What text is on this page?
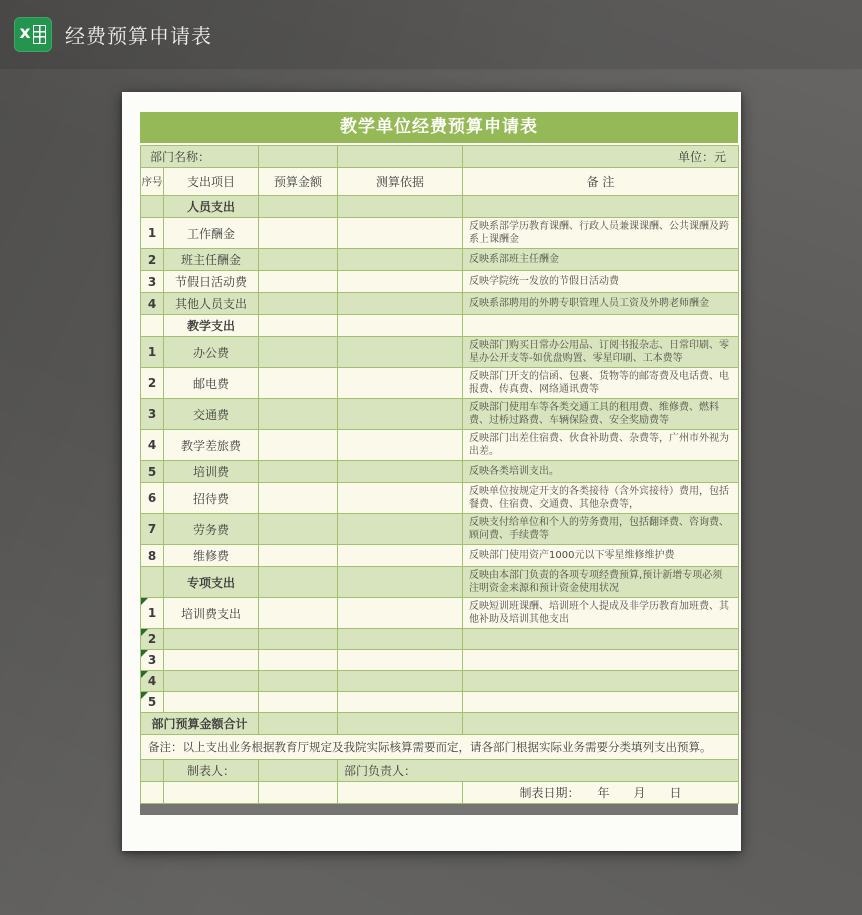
x 经费预算申请表
教学单位经费预算申请表
部门名称：				单位：元
序号	支出项目	预算金额	测算依据	备 注
	人员支出			
1	工作酬金			反映系部学历教育课酬、行政人员兼课课酬、公共课酬及跨系上课酬金
2	班主任酬金			反映系部班主任酬金
3	节假日活动费			反映学院统一发放的节假日活动费
4	其他人员支出			反映系部聘用的外聘专职管理人员工资及外聘老师酬金
	教学支出			
1	办公费			反映部门购买日常办公用品、订阅书报杂志、日常印刷、零星办公开支等-如优盘购置、零星印刷、工本费等
2	邮电费			反映部门开支的信函、包裹、货物等的邮寄费及电话费、电报费、传真费、网络通讯费等
3	交通费			反映部门使用车等各类交通工具的租用费、维修费、燃料费、过桥过路费、车辆保险费、安全奖励费等
4	教学差旅费			反映部门出差住宿费、伙食补助费、杂费等，广州市外视为出差。
5	培训费			反映各类培训支出。
6	招待费			反映单位按规定开支的各类接待（含外宾接待）费用，包括餐费、住宿费、交通费、其他杂费等，
7	劳务费			反映支付给单位和个人的劳务费用，包括翻译费、咨询费、顾问费、手续费等
8	维修费			反映部门使用资产1000元以下零星维修维护费
	专项支出			反映由本部门负责的各项专项经费预算,预计新增专项必须注明资金来源和预计资金使用状况
1	培训费支出			反映短训班课酬、培训班个人提成及非学历教育加班费、其他补助及培训其他支出
2

3

4

5

部门预算金额合计				
备注：以上支出业务根据教育厅规定及我院实际核算需要而定，请各部门根据实际业务需要分类填列支出预算。				
	制表人：		部门负责人：	
				制表日期：　　年　　月　　日
